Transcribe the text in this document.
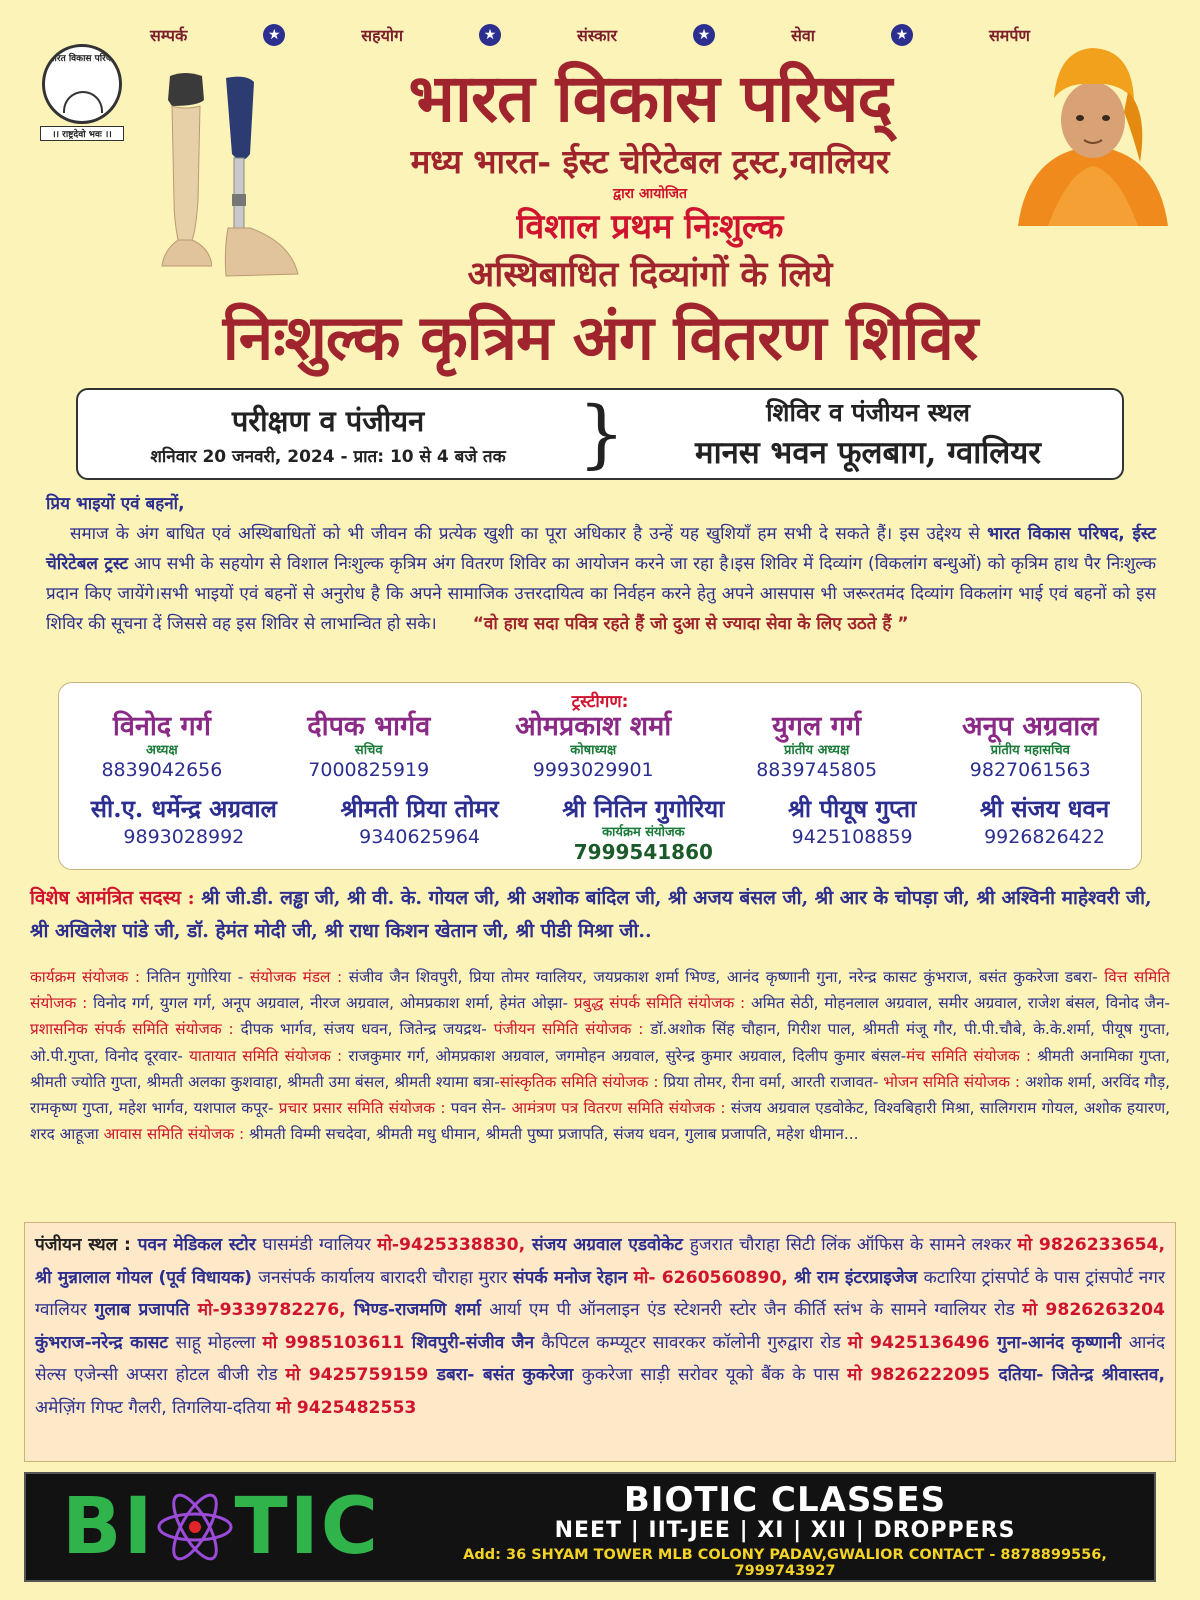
सम्पर्क	★	सहयोग	★	संस्कार	★	सेवा	★	समर्पण
भारत विकास परिषद्
।। राष्ट्रदेवो भवः ।।	भारत विकास परिषद्
मध्य भारत- ईस्ट चेरिटेबल ट्रस्ट,ग्वालियर
द्वारा आयोजित
विशाल प्रथम निःशुल्क
अस्थिबाधित दिव्यांगों के लिये
निःशुल्क कृत्रिम अंग वितरण शिविर
परीक्षण व पंजीयन
शनिवार 20 जनवरी, 2024 - प्रात: 10 से 4 बजे तक }	शिविर व पंजीयन स्थल
मानस भवन फूलबाग, ग्वालियर
प्रिय भाइयों एवं बहनों,
समाज के अंग बाधित एवं अस्थिबाधितों को भी जीवन की प्रत्येक खुशी का पूरा अधिकार है उन्हें यह खुशियाँ हम सभी दे सकते हैं। इस उद्देश्य से भारत विकास परिषद, ईस्ट चेरिटेबल ट्रस्ट आप सभी के सहयोग से विशाल निःशुल्क कृत्रिम अंग वितरण शिविर का आयोजन करने जा रहा है।इस शिविर में दिव्यांग (विकलांग बन्धुओं) को कृत्रिम हाथ पैर निःशुल्क प्रदान किए जायेंगे।सभी भाइयों एवं बहनों से अनुरोध है कि अपने सामाजिक उत्तरदायित्व का निर्वहन करने हेतु अपने आसपास भी जरूरतमंद दिव्यांग विकलांग भाई एवं बहनों को इस शिविर की सूचना दें जिससे वह इस शिविर से लाभान्वित हो सके। “वो हाथ सदा पवित्र रहते हैं जो दुआ से ज्यादा सेवा के लिए उठते हैं ”
ट्रस्टीगण:
विनोद गर्ग
अध्यक्ष
8839042656
दीपक भार्गव
सचिव
7000825919
ओमप्रकाश शर्मा
कोषाध्यक्ष
9993029901
युगल गर्ग
प्रांतीय अध्यक्ष
8839745805
अनूप अग्रवाल
प्रांतीय महासचिव
9827061563
सी.ए. धर्मेन्द्र अग्रवाल
9893028992
श्रीमती प्रिया तोमर
9340625964
श्री नितिन गुगोरिया
कार्यक्रम संयोजक
7999541860
श्री पीयूष गुप्ता
9425108859
श्री संजय धवन
9926826422
विशेष आमंत्रित सदस्य : श्री जी.डी. लड्ढा जी, श्री वी. के. गोयल जी, श्री अशोक बांदिल जी, श्री अजय बंसल जी, श्री आर के चोपड़ा जी, श्री अश्विनी माहेश्वरी जी, श्री अखिलेश पांडे जी, डॉ. हेमंत मोदी जी, श्री राधा किशन खेतान जी, श्री पीडी मिश्रा जी..
कार्यक्रम संयोजक : नितिन गुगोरिया - संयोजक मंडल : संजीव जैन शिवपुरी, प्रिया तोमर ग्वालियर, जयप्रकाश शर्मा भिण्ड, आनंद कृष्णानी गुना, नरेन्द्र कासट कुंभराज, बसंत कुकरेजा डबरा- वित्त समिति संयोजक : विनोद गर्ग, युगल गर्ग, अनूप अग्रवाल, नीरज अग्रवाल, ओमप्रकाश शर्मा, हेमंत ओझा- प्रबुद्ध संपर्क समिति संयोजक : अमित सेठी, मोहनलाल अग्रवाल, समीर अग्रवाल, राजेश बंसल, विनोद जैन- प्रशासनिक संपर्क समिति संयोजक : दीपक भार्गव, संजय धवन, जितेन्द्र जयद्रथ- पंजीयन समिति संयोजक : डॉ.अशोक सिंह चौहान, गिरीश पाल, श्रीमती मंजू गौर, पी.पी.चौबे, के.के.शर्मा, पीयूष गुप्ता, ओ.पी.गुप्ता, विनोद दूरवार- यातायात समिति संयोजक : राजकुमार गर्ग, ओमप्रकाश अग्रवाल, जगमोहन अग्रवाल, सुरेन्द्र कुमार अग्रवाल, दिलीप कुमार बंसल-मंच समिति संयोजक : श्रीमती अनामिका गुप्ता, श्रीमती ज्योति गुप्ता, श्रीमती अलका कुशवाहा, श्रीमती उमा बंसल, श्रीमती श्यामा बत्रा-सांस्कृतिक समिति संयोजक : प्रिया तोमर, रीना वर्मा, आरती राजावत- भोजन समिति संयोजक : अशोक शर्मा, अरविंद गौड़, रामकृष्ण गुप्ता, महेश भार्गव, यशपाल कपूर- प्रचार प्रसार समिति संयोजक : पवन सेन- आमंत्रण पत्र वितरण समिति संयोजक : संजय अग्रवाल एडवोकेट, विश्वबिहारी मिश्रा, सालिगराम गोयल, अशोक हयारण, शरद आहूजा आवास समिति संयोजक : श्रीमती विम्मी सचदेवा, श्रीमती मधु धीमान, श्रीमती पुष्पा प्रजापति, संजय धवन, गुलाब प्रजापति, महेश धीमान...
पंजीयन स्थल : पवन मेडिकल स्टोर घासमंडी ग्वालियर मो-9425338830, संजय अग्रवाल एडवोकेट हुजरात चौराहा सिटी लिंक ऑफिस के सामने लश्कर मो 9826233654, श्री मुन्नालाल गोयल (पूर्व विधायक) जनसंपर्क कार्यालय बारादरी चौराहा मुरार संपर्क मनोज रेहान मो- 6260560890, श्री राम इंटरप्राइजेज कटारिया ट्रांसपोर्ट के पास ट्रांसपोर्ट नगर ग्वालियर गुलाब प्रजापति मो-9339782276, भिण्ड-राजमणि शर्मा आर्या एम पी ऑनलाइन एंड स्टेशनरी स्टोर जैन कीर्ति स्तंभ के सामने ग्वालियर रोड मो 9826263204 कुंभराज-नरेन्द्र कासट साहू मोहल्ला मो 9985103611 शिवपुरी-संजीव जैन कैपिटल कम्प्यूटर सावरकर कॉलोनी गुरुद्वारा रोड मो 9425136496 गुना-आनंद कृष्णानी आनंद सेल्स एजेन्सी अप्सरा होटल बीजी रोड मो 9425759159 डबरा- बसंत कुकरेजा कुकरेजा साड़ी सरोवर यूको बैंक के पास मो 9826222095 दतिया- जितेन्द्र श्रीवास्तव, अमेज़िंग गिफ्ट गैलरी, तिगलिया-दतिया मो 9425482553
BI TIC	BIOTIC CLASSES
NEET | IIT-JEE | XI | XII | DROPPERS
Add: 36 SHYAM TOWER MLB COLONY PADAV,GWALIOR CONTACT - 8878899556, 7999743927
